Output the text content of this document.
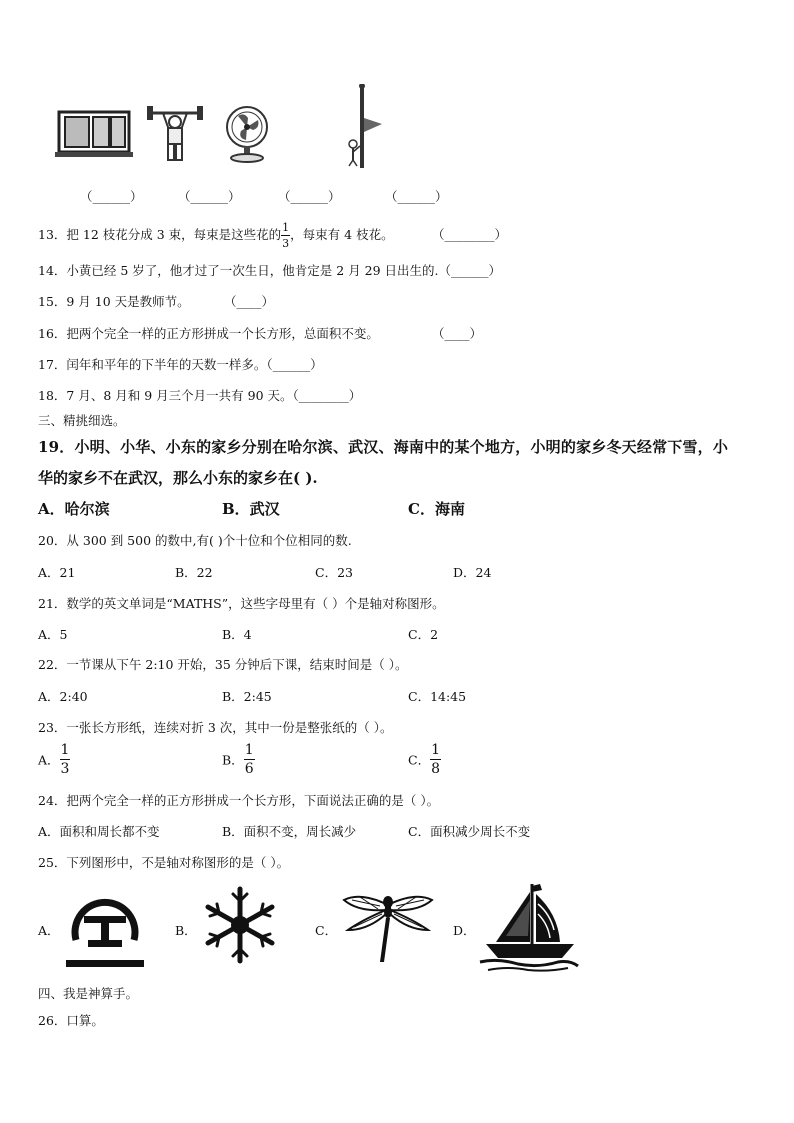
（______）	（______）	（______）	（______）
13．把 12 枝花分成 3 束，每束是这些花的 $\frac{1}{3}$ ，每束有 4 枝花。	（________）
14．小黄已经 5 岁了，他才过了一次生日，他肯定是 2 月 29 日出生的.（______）
15．9 月 10 天是教师节。	（____）
16．把两个完全一样的正方形拼成一个长方形，总面积不变。	（____）
17．闰年和平年的下半年的天数一样多。（______）
18．7 月、8 月和 9 月三个月一共有 90 天。（________）
三、精挑细选。
19．小明、小华、小东的家乡分别在哈尔滨、武汉、海南中的某个地方，小明的家乡冬天经常下雪，小
华的家乡不在武汉，那么小东的家乡在( ).
A．哈尔滨	B．武汉	C．海南
20．从 300 到 500 的数中,有( )个十位和个位相同的数.
A．21	B．22	C．23	D．24
21．数学的英文单词是“MATHS”，这些字母里有（ ）个是轴对称图形。
A．5	B．4	C．2
22．一节课从下午 2:10 开始，35 分钟后下课，结束时间是（ ）。
A．2:40	B．2:45	C．14:45
23．一张长方形纸，连续对折 3 次，其中一份是整张纸的（ ）。
A． $\frac{1}{3}$	B． $\frac{1}{6}$	C． $\frac{1}{8}$
24．把两个完全一样的正方形拼成一个长方形，下面说法正确的是（ ）。
A．面积和周长都不变	B．面积不变，周长减少	C．面积减少周长不变
25．下列图形中，不是轴对称图形的是（ ）。
A．	B．	C．	D．
四、我是神算手。
26．口算。
